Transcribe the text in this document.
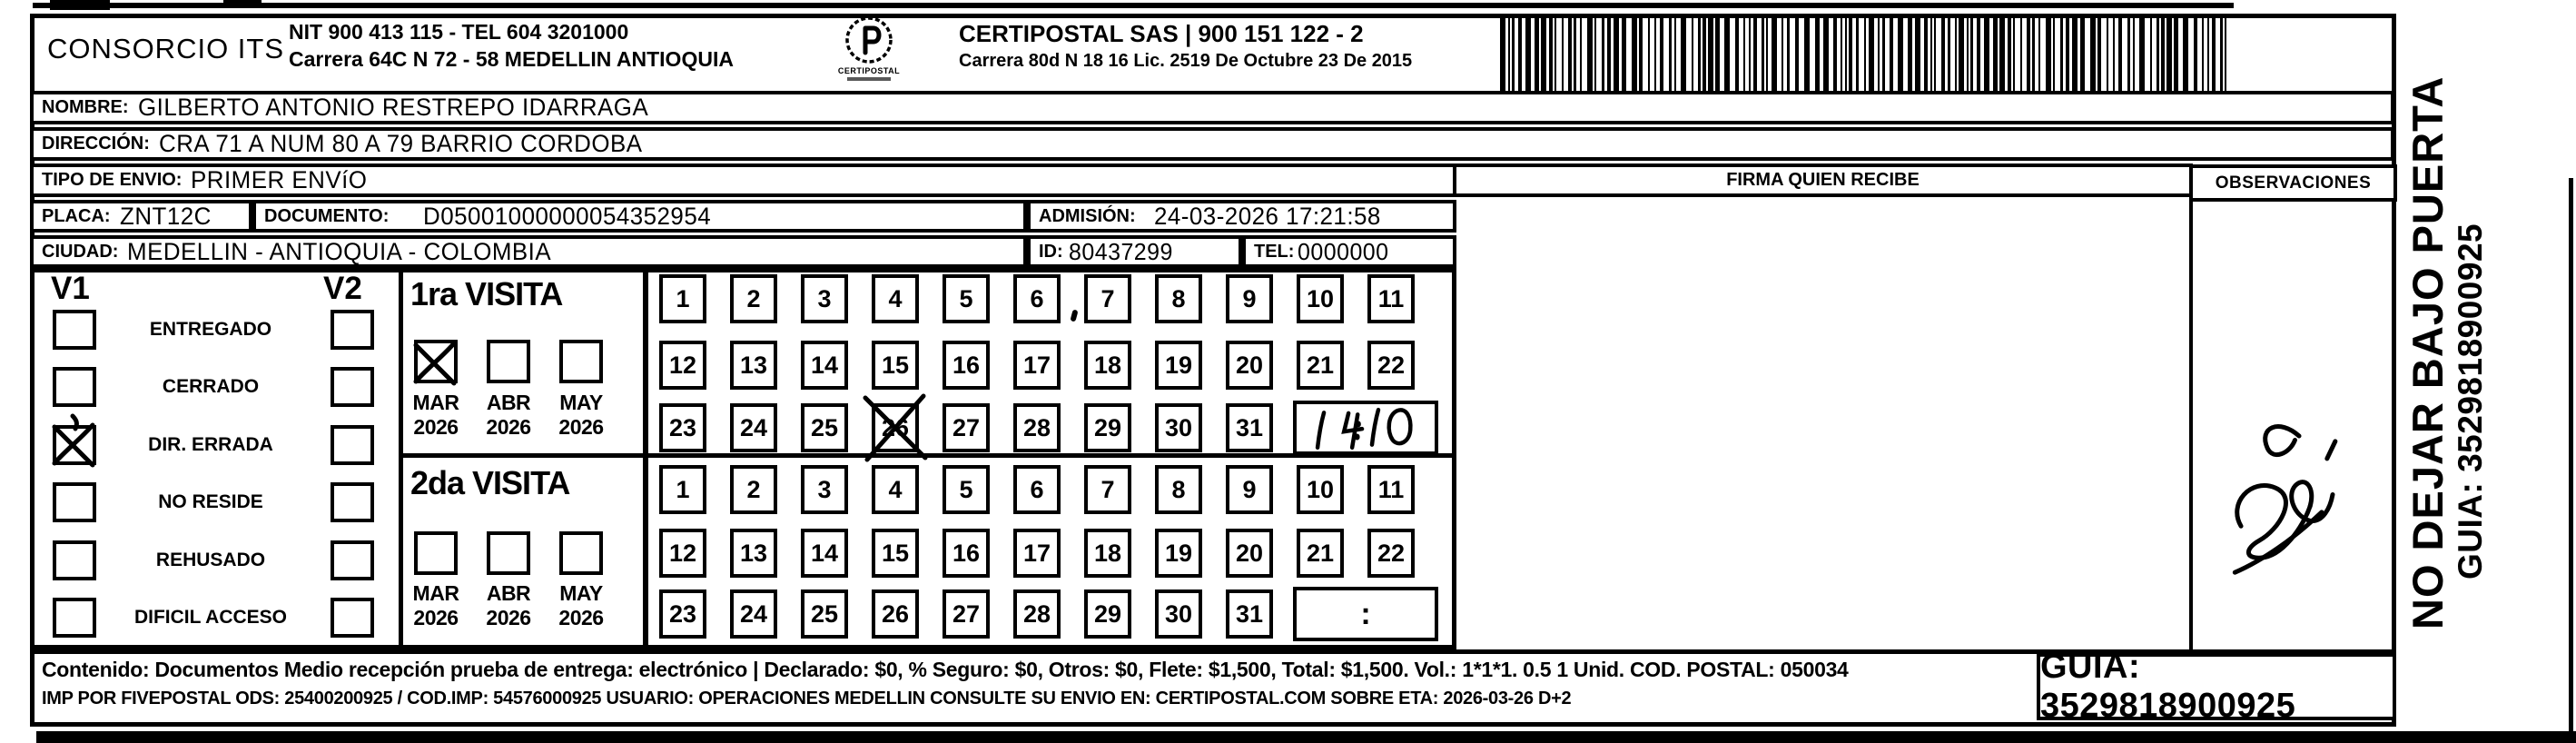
CONSORCIO ITS
NIT 900 413 115 - TEL 604 3201000
Carrera 64C N 72 - 58 MEDELLIN ANTIOQUIA	CERTIPOSTAL
CERTIPOSTAL SAS | 900 151 122 - 2
Carrera 80d N 18 16 Lic. 2519 De Octubre 23 De 2015
NOMBRE: GILBERTO ANTONIO RESTREPO IDARRAGA
DIRECCIÓN: CRA 71 A NUM 80 A 79 BARRIO CORDOBA
TIPO DE ENVIO: PRIMER ENVíO	FIRMA QUIEN RECIBE	OBSERVACIONES
PLACA: ZNT12C	DOCUMENTO: D05001000000054352954	ADMISIÓN: 24-03-2026 17:21:58
CIUDAD: MEDELLIN - ANTIOQUIA - COLOMBIA	ID: 80437299	TEL: 0000000
V1	V2 1ra VISITA
2da VISITA
:
Contenido: Documentos Medio recepción prueba de entrega: electrónico | Declarado: $0, % Seguro: $0, Otros: $0, Flete: $1,500, Total: $1,500. Vol.: 1*1*1. 0.5 1 Unid. COD. POSTAL: 050034
IMP POR FIVEPOSTAL ODS: 25400200925 / COD.IMP: 54576000925 USUARIO: OPERACIONES MEDELLIN CONSULTE SU ENVIO EN: CERTIPOSTAL.COM SOBRE ETA: 2026-03-26 D+2
GUIA: 3529818900925
NO DEJAR BAJO PUERTA GUIA: 3529818900925
ENTREGADO
CERRADO
DIR. ERRADA
NO RESIDE
REHUSADO
DIFICIL ACCESO
MAR
2026
ABR
2026
MAY
2026
MAR
2026
ABR
2026
MAY
2026
1	2	3	4	5	6	7	8	9	10	11
12	13	14	15	16	17	18	19	20	21	22
23	24	25	26	27	28	29	30	31
1	2	3	4	5	6	7	8	9	10	11
12	13	14	15	16	17	18	19	20	21	22
23	24	25	26	27	28	29	30	31
